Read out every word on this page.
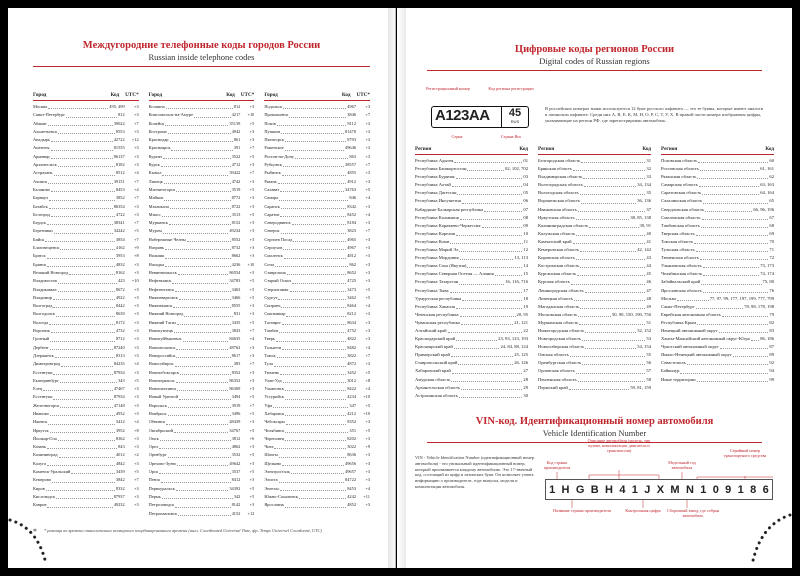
Междугородние телефонные коды городов России
Russian inside telephone codes
Город	Код UTC*
Москва	495, 499	+3
Санкт-Петербург	812	+3
Абакан	39022	+7
Альметьевск	8553	+3
Анадырь	42722	+12
Апатиты	81555	+3
Армавир	86137	+3
Архангельск	8182	+3
Астрахань	8512	+4
Ачинск	39151	+7
Балаково	8453	+4
Барнаул	3852	+7
Батайск	86354	+3
Белгород	4722	+3
Бердск	38341	+7
Березники	34242	+5
Бийск	3854	+7
Благовещенск	4162	+9
Братск	3953	+8
Брянск	4832	+3
Великий Новгород	8162	+3
Владивосток	423	+10
Владикавказ	8672	+3
Владимир	4922	+3
Волгоград	8442	+3
Волгодонск	8639	+3
Вологда	8172	+3
Воронеж	4732	+3
Грозный	8712	+3
Дербент	87240	+3
Дзержинск	8313	+3
Димитровград	84235	+4
Ессентуки	87934	+3
Екатеринбург	343	+5
Елец	47467	+3
Ессентуки	87934	+3
Железногорск	47148	+3
Иваново	4932	+3
Ижевск	3412	+4
Иркутск	3952	+8
Йошкар-Ола	8362	+3
Казань	843	+3
Калининград	4012	+2
Калуга	4842	+3
Каменск-Уральский	3439	+5
Кемерово	3842	+7
Киров	8332	+3
Кисловодск	87937	+3
Ковров	49232	+3
Город	Код UTC*
Колпино	812	+3
Комсомольск-на-Амуре	4217	+10
Копейск	35139	+5
Кострома	4942	+3
Краснодар	861	+3
Красноярск	391	+7
Курган	3522	+5
Курск	4712	+3
Кызыл	39422	+7
Липецк	4742	+3
Магнитогорск	3519	+5
Майкоп	8772	+3
Махачкала	8722	+3
Миасс	3513	+5
Мурманск	8152	+3
Муром	49234	+3
Набережные Челны	8552	+3
Назрань	8732	+3
Нальчик	8662	+3
Находка	4236	+10
Невинномысск	86554	+3
Нефтекамск	34783	+5
Нефтеюганск	3463	+5
Нижневартовск	3466	+5
Нижнекамск	8555	+3
Нижний Новгород	831	+3
Нижний Тагил	3435	+5
Новокузнецк	3843	+7
Новокуйбышевск	84635	+4
Новомосковск	48762	+3
Новороссийск	8617	+3
Новосибирск	383	+7
Новочебоксарск	8352	+3
Новочеркасск	86352	+3
Новошахтинск	86369	+3
Новый Уренгой	3494	+5
Норильск	3919	+7
Ноябрьск	3496	+5
Обнинск	48439	+3
Октябрьский	34767	+5
Омск	3812	+6
Орел	4862	+3
Оренбург	3532	+5
Орехово-Зуево	49642	+3
Орск	3537	+5
Пенза	8412	+3
Первоуральск	34392	+5
Пермь	342	+5
Петрозаводск	8142	+3
Петропавловск	4152	+12
Город	Код UTC*
Подольск	4967	+3
Прокопьевск	3846	+7
Псков	8112	+3
Пушкин	81470	+3
Пятигорск	8793	+3
Раменское	49646	+3
Ростов-на-Дону	863	+3
Рубцовск	38557	+7
Рыбинск	4855	+3
Рязань	4912	+3
Салават	34763	+5
Самара	846	+4
Саранск	8342	+3
Саратов	8452	+4
Северодвинск	8184	+3
Северск	3823	+7
Сергиев Посад	4965	+3
Серпухов	4967	+3
Смоленск	4812	+3
Сочи	862	+3
Ставрополь	8652	+3
Старый Оскол	4725	+3
Стерлитамак	3473	+5
Сургут	3462	+5
Сызрань	8464	+4
Сыктывкар	8212	+3
Таганрог	8634	+3
Тамбов	4752	+3
Тверь	4822	+3
Тольятти	8482	+4
Томск	3822	+7
Тула	4872	+3
Тюмень	3452	+5
Улан-Удэ	3012	+8
Ульяновск	8422	+4
Уссурийск	4234	+10
Уфа	347	+5
Хабаровск	4212	+10
Чебоксары	8352	+3
Челябинск	351	+5
Череповец	8202	+3
Чита	3022	+9
Шахты	8636	+3
Щелково	49656	+3
Электросталь	49657	+3
Элиста	84722	+3
Энгельс	8453	+4
Южно-Сахалинск	4242	+11
Ярославль	4852	+3
* * разница во времени относительно всемирного координированного времени (англ. Coordinated Universal Time, фр. Temps Universel Coordonné, UTC)
Цифровые коды регионов России
Digital codes of Russian regions
Регистрационный номер	Код региона регистрации
А123АА	45
RUS
Серия	Страна Rus
В российских номерах знаки используются 12 букв русского алфавита — это те буквы, которые имеют аналоги в латинском алфавите. Среди них А, В, Е, К, М, Н, О, Р, С, Т, У, Х. В правой части номера изображены цифры, указывающие на регион РФ, где зарегистрирован автомобиль.
Регион	Код
Республика Адыгея	01
Республика Башкортостан	02, 102, 702
Республика Бурятия	03
Республика Алтай	04
Республика Дагестан	05
Республика Ингушетия	06
Кабардино-Балкарская республика	07
Республика Калмыкия	08
Республика Карачаево-Черкессия	09
Республика Карелия	10
Республика Коми	11
Республика Марий Эл	12
Республика Мордовия	13, 113
Республика Саха (Якутия)	14
Республика Северная Осетия — Алания	15
Республика Татарстан	16, 116, 716
Республика Тыва	17
Удмуртская республика	18
Республика Хакасия	19
Чеченская республика	20, 95
Чувашская республика	21, 121
Алтайский край	22
Краснодарский край	23, 93, 123, 193
Красноярский край	24, 84, 88, 124
Приморский край	25, 125
Ставропольский край	26, 126
Хабаровский край	27
Амурская область	28
Архангельская область	29
Астраханская область	30
Регион	Код
Белгородская область	31
Брянская область	32
Владимирская область	33
Волгоградская область	34, 134
Вологодская область	35
Воронежская область	36, 136
Ивановская область	37
Иркутская область	38, 85, 138
Калининградская область	39, 91
Калужская область	40
Камчатский край	41
Кемеровская область	42, 142
Кировская область	43
Костромская область	44
Курганская область	45
Курская область	46
Ленинградская область	47
Липецкая область	48
Магаданская область	49
Московская область	50, 90, 150, 190, 750
Мурманская область	51
Нижегородская область	52, 152
Новгородская область	53
Новосибирская область	54, 154
Омская область	55
Оренбургская область	56
Орловская область	57
Пензенская область	58
Пермский край	59, 81, 159
Регион	Код
Псковская область	60
Ростовская область	61, 161
Рязанская область	62
Самарская область	63, 163
Саратовская область	64, 164
Сахалинская область	65
Свердловская область	66, 96, 196
Смоленская область	67
Тамбовская область	68
Тверская область	69
Томская область	70
Тульская область	71
Тюменская область	72
Ульяновская область	73, 173
Челябинская область	74, 174
Забайкальский край	75, 80
Ярославская область	76
Москва	77, 97, 99, 177, 197, 199, 777, 799
Санкт-Петербург	78, 98, 178, 198
Еврейская автономная область	79
Республика Крым	82
Ненецкий автономный округ	83
Ханты-Мансийский автономный округ-Югра 86, 186
Чукотский автономный округ	87
Ямало-Ненецкий автономный округ	89
Севастополь	92
Байконур	94
Иные территории	99
VIN-код. Идентификационный номер автомобиля
Vehicle Identification Number
VIN - Vehicle Identification Number (идентификационный номер автомобиля) - это уникальный идентификационный номер, который присваивается каждому автомобилю. Это 17-значный код, состоящий из цифр и латинских букв. Он позволяет узнать информацию о производителе, годе выпуска, модели и комплектации автомобиля.
Код страны производителя
Описание автомобиля (модель, тип кузова, комплектация, двигатель и трансмиссия)
Модельный год автомобиля
Серийный номер транспортного средства
1 H G B H 4 1 J X M N 1 0 9 1 8 6
Название страны производителя	Контрольная цифра	Сборочный завод, где собран автомобиль
